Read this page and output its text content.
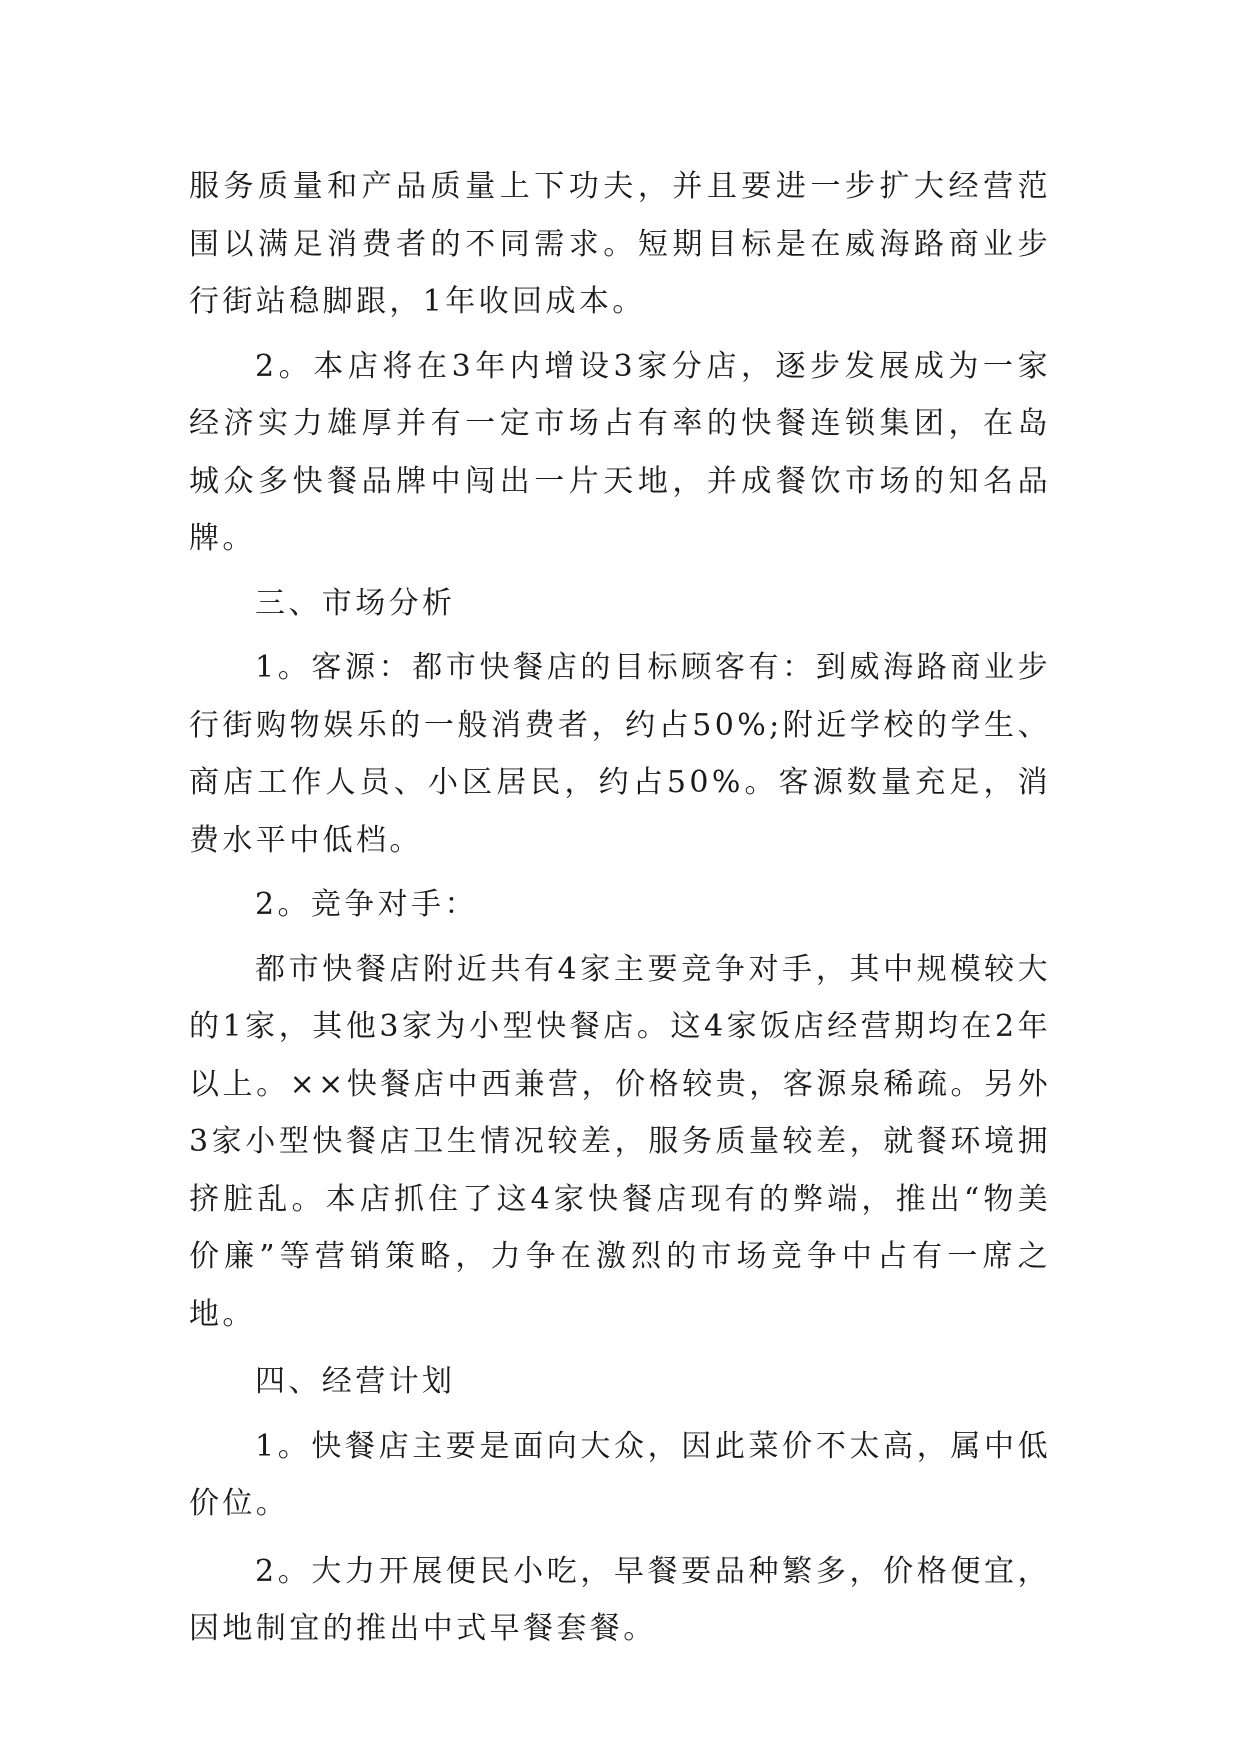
服务质量和产品质量上下功夫，并且要进一步扩大经营范围以满足消费者的不同需求。短期目标是在威海路商业步行街站稳脚跟，1年收回成本。

2。本店将在3年内增设3家分店，逐步发展成为一家经济实力雄厚并有一定市场占有率的快餐连锁集团，在岛城众多快餐品牌中闯出一片天地，并成餐饮市场的知名品牌。

三、市场分析

1。客源：都市快餐店的目标顾客有：到威海路商业步行街购物娱乐的一般消费者，约占50%;附近学校的学生、商店工作人员、小区居民，约占50%。客源数量充足，消费水平中低档。

2。竞争对手：

都市快餐店附近共有4家主要竞争对手，其中规模较大的1家，其他3家为小型快餐店。这4家饭店经营期均在2年以上。××快餐店中西兼营，价格较贵，客源泉稀疏。另外3家小型快餐店卫生情况较差，服务质量较差，就餐环境拥挤脏乱。本店抓住了这4家快餐店现有的弊端，推出“物美价廉”等营销策略，力争在激烈的市场竞争中占有一席之地。

四、经营计划

1。快餐店主要是面向大众，因此菜价不太高，属中低价位。

2。大力开展便民小吃，早餐要品种繁多，价格便宜，因地制宜的推出中式早餐套餐。
